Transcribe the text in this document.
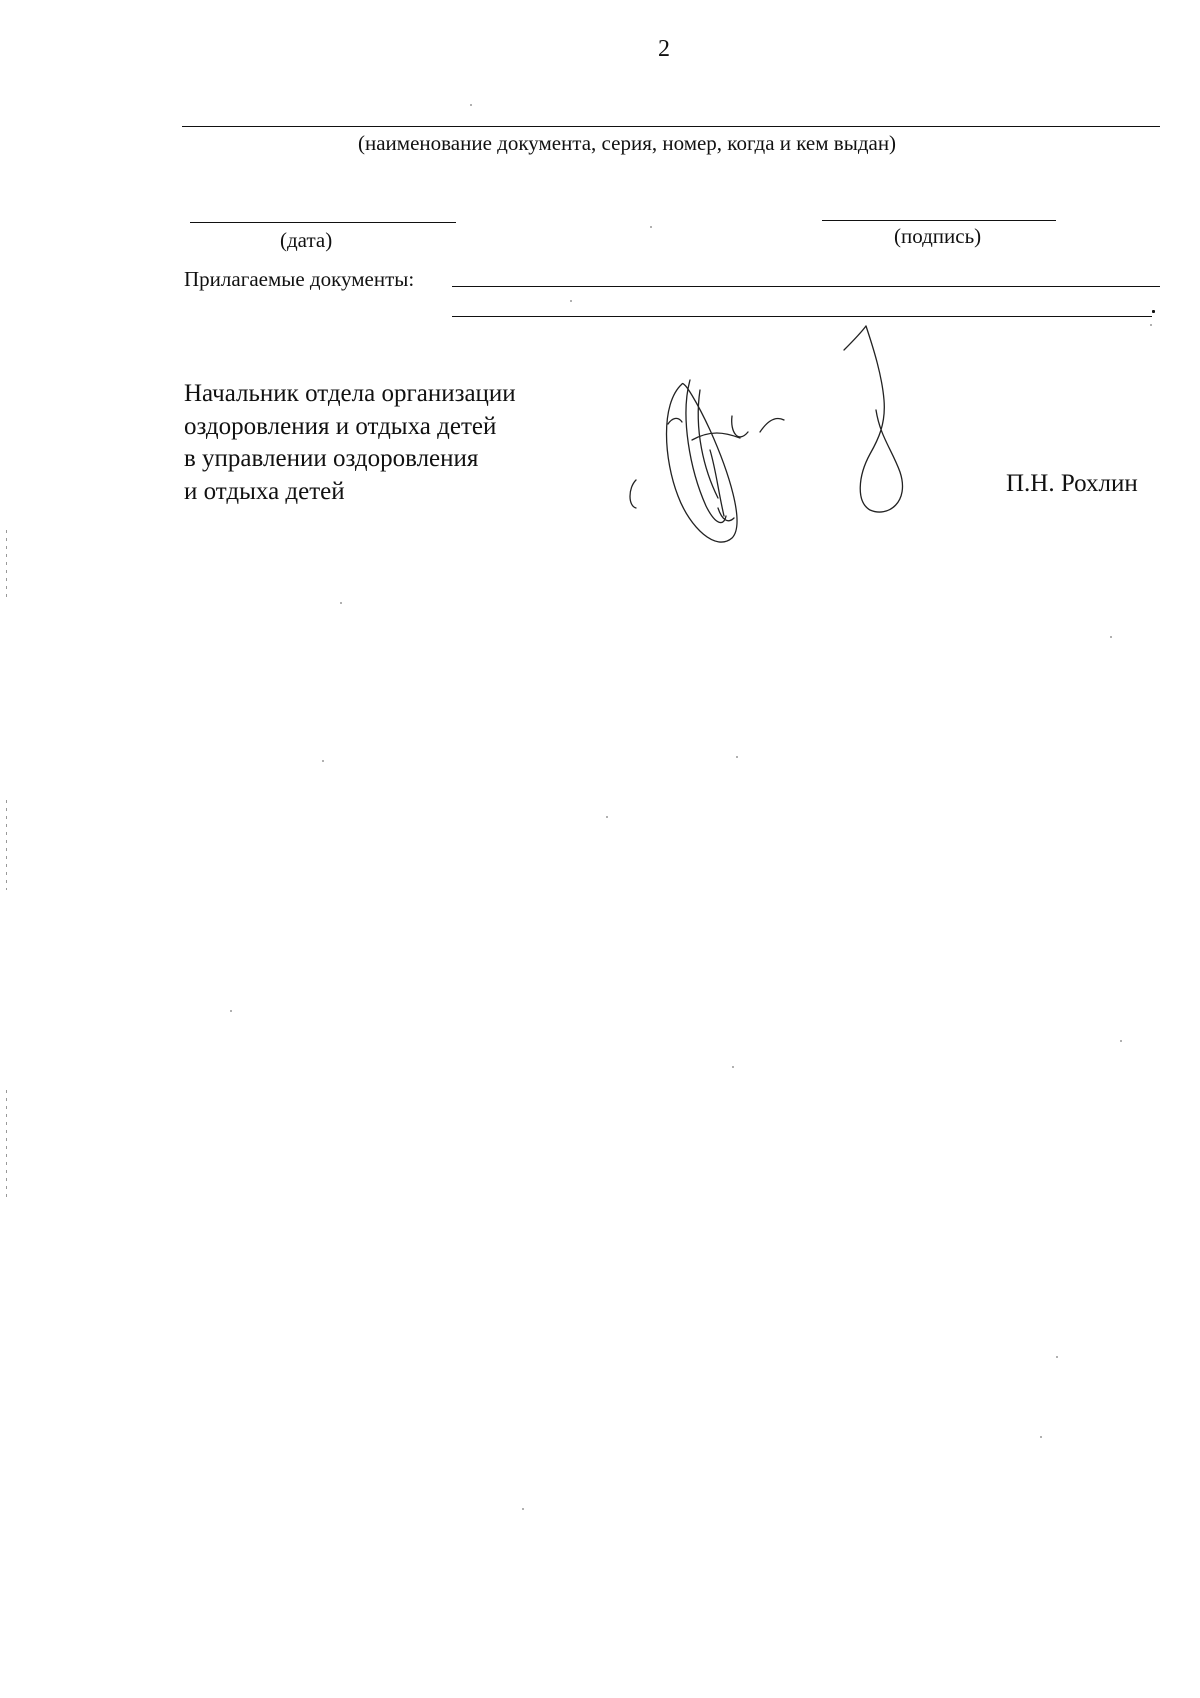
2
(наименование документа, серия, номер, когда и кем выдан)
(дата)	(подпись)
Прилагаемые документы:
Начальник отдела организации
оздоровления и отдыха детей
в управлении оздоровления
и отдыха детей	П.Н. Рохлин
